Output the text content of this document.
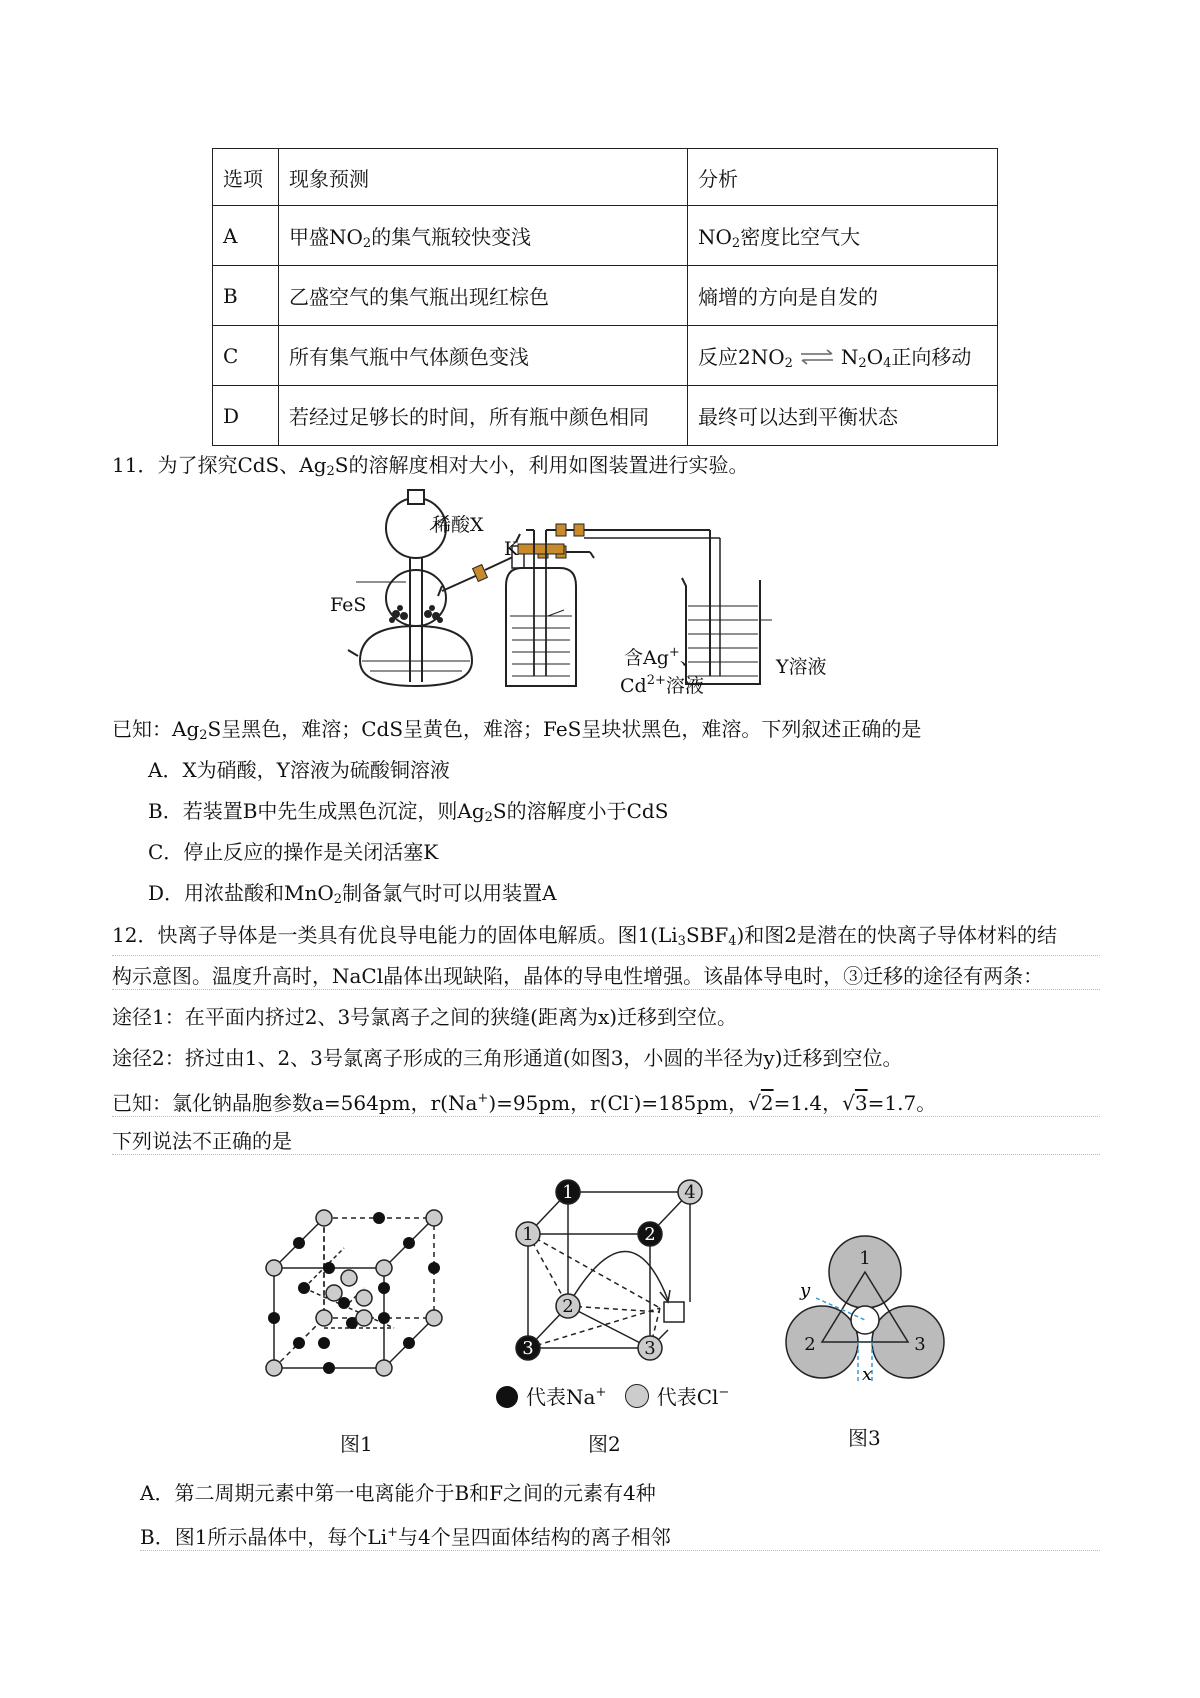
选项	现象预测	分析
A	甲盛$NO_2$的集气瓶较快变浅	$NO_2$密度比空气大
B	乙盛空气的集气瓶出现红棕色	熵增的方向是自发的
C	所有集气瓶中气体颜色变浅	反应$2NO_2$ ⇌ $N_2O_4$正向移动
D	若经过足够长的时间，所有瓶中颜色相同	最终可以达到平衡状态
11．为了探究CdS、$Ag_2S$的溶解度相对大小，利用如图装置进行实验。
稀酸X
K
FeS
含Ag+、
$Cd^{2+}$溶液
Y溶液
已知：$Ag_2S$呈黑色，难溶；CdS呈黄色，难溶；FeS呈块状黑色，难溶。下列叙述正确的是
A．X为硝酸，Y溶液为硫酸铜溶液
B．若装置B中先生成黑色沉淀，则$Ag_2S$的溶解度小于CdS
C．停止反应的操作是关闭活塞K
D．用浓盐酸和MnO$_2$制备氯气时可以用装置A
12．快离子导体是一类具有优良导电能力的固体电解质。图$1(Li_3SBF_4)$和图2是潜在的快离子导体材料的结
构示意图。温度升高时，NaCl晶体出现缺陷，晶体的导电性增强。该晶体导电时，③迁移的途径有两条：
途径1：在平面内挤过2、3号氯离子之间的狭缝(距离为x)迁移到空位。
途径2：挤过由1、2、3号氯离子形成的三角形通道(如图3，小圆的半径为y)迁移到空位。
已知：氯化钠晶胞参数a=564pm，r(Na+)=95pm，r(Cl-)=185pm，√2=1.4，√3=1.7。
下列说法不正确的是
1	4
1	2
2
3	3
代表Na+	代表Cl−
y
x
1
2	3
图1	图2	图3
A．第二周期元素中第一电离能介于B和F之间的元素有4种
B．图1所示晶体中，每个Li+与4个呈四面体结构的离子相邻
